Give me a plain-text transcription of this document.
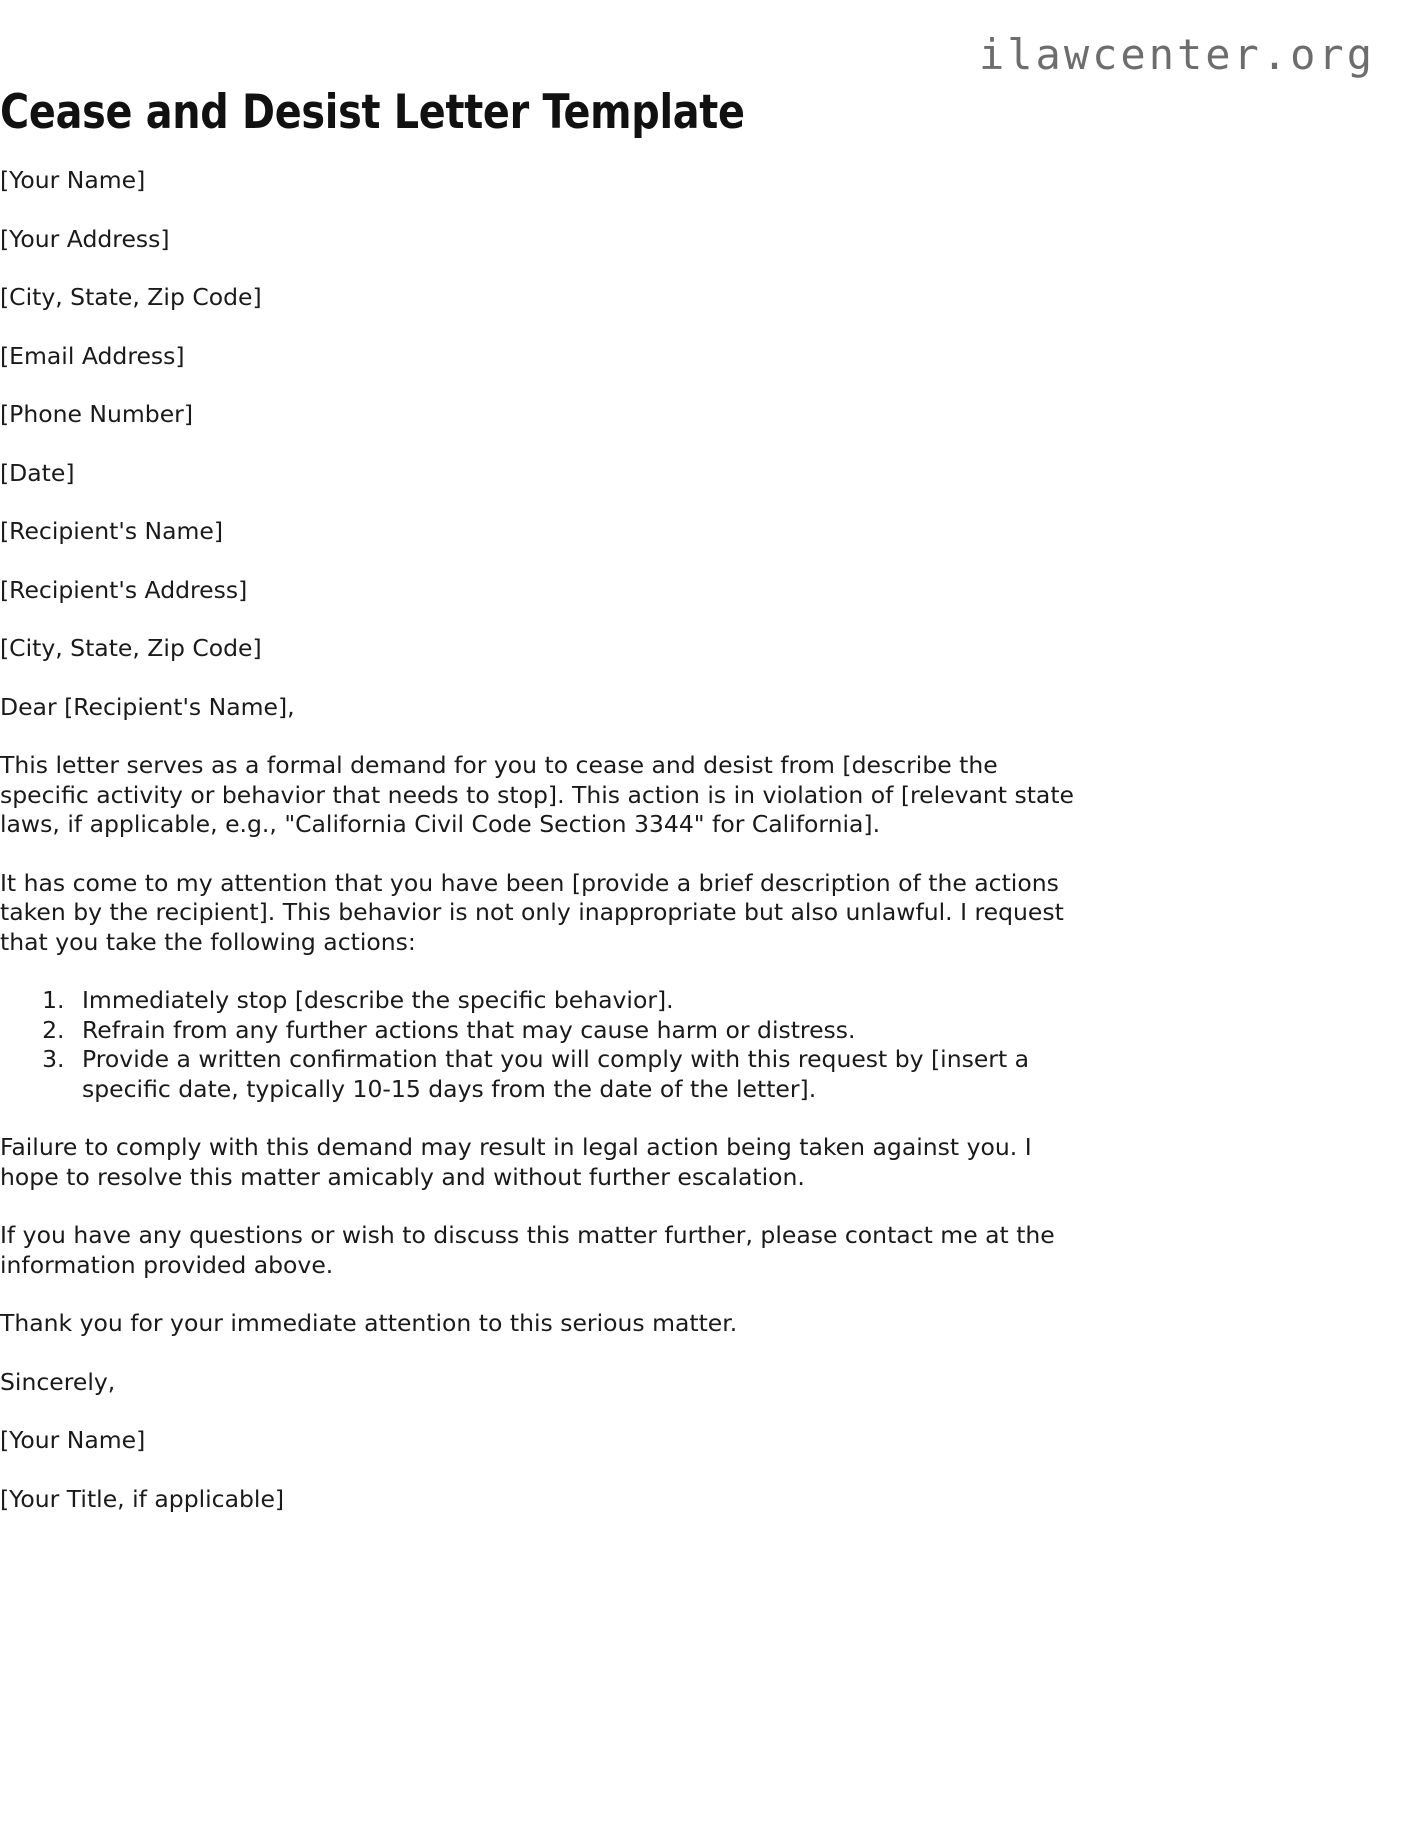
ilawcenter.org
Cease and Desist Letter Template

[Your Name]

[Your Address]

[City, State, Zip Code]

[Email Address]

[Phone Number]

[Date]

[Recipient's Name]

[Recipient's Address]

[City, State, Zip Code]

Dear [Recipient's Name],

This letter serves as a formal demand for you to cease and desist from [describe the specific activity or behavior that needs to stop]. This action is in violation of [relevant state laws, if applicable, e.g., "California Civil Code Section 3344" for California].

It has come to my attention that you have been [provide a brief description of the actions taken by the recipient]. This behavior is not only inappropriate but also unlawful. I request that you take the following actions:

1. Immediately stop [describe the specific behavior].
2. Refrain from any further actions that may cause harm or distress.
3. Provide a written confirmation that you will comply with this request by [insert a specific date, typically 10-15 days from the date of the letter].

Failure to comply with this demand may result in legal action being taken against you. I hope to resolve this matter amicably and without further escalation.

If you have any questions or wish to discuss this matter further, please contact me at the information provided above.

Thank you for your immediate attention to this serious matter.

Sincerely,

[Your Name]

[Your Title, if applicable]
